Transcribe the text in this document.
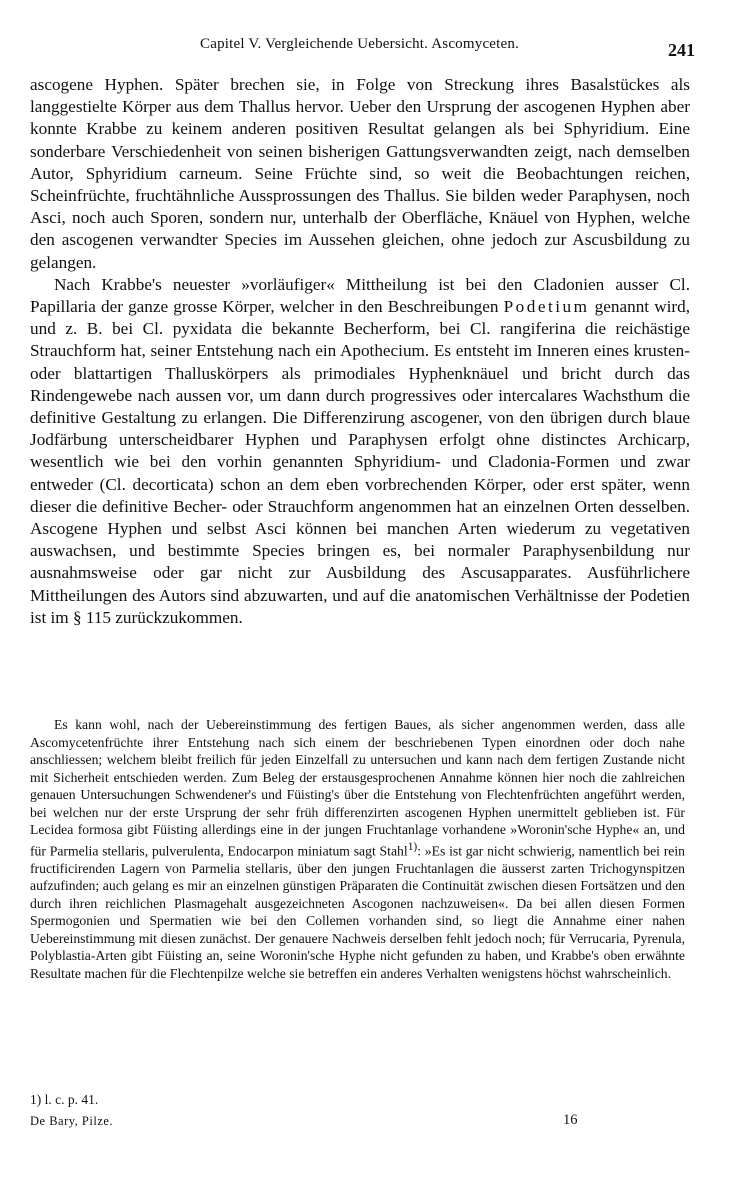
Capitel V. Vergleichende Uebersicht. Ascomyceten.	241

ascogene Hyphen. Später brechen sie, in Folge von Streckung ihres Basalstückes als langgestielte Körper aus dem Thallus hervor. Ueber den Ursprung der ascogenen Hyphen aber konnte Krabbe zu keinem anderen positiven Resultat gelangen als bei Sphyridium. Eine sonderbare Verschiedenheit von seinen bisherigen Gattungsverwandten zeigt, nach demselben Autor, Sphyridium carneum. Seine Früchte sind, so weit die Beobachtungen reichen, Scheinfrüchte, fruchtähnliche Aussprossungen des Thallus. Sie bilden weder Paraphysen, noch Asci, noch auch Sporen, sondern nur, unterhalb der Oberfläche, Knäuel von Hyphen, welche den ascogenen verwandter Species im Aussehen gleichen, ohne jedoch zur Ascusbildung zu gelangen.

Nach Krabbe's neuester »vorläufiger« Mittheilung ist bei den Cladonien ausser Cl. Papillaria der ganze grosse Körper, welcher in den Beschreibungen Podetium genannt wird, und z. B. bei Cl. pyxidata die bekannte Becherform, bei Cl. rangiferina die reichästige Strauchform hat, seiner Entstehung nach ein Apothecium. Es entsteht im Inneren eines krusten- oder blattartigen Thalluskörpers als primodiales Hyphenknäuel und bricht durch das Rindengewebe nach aussen vor, um dann durch progressives oder intercalares Wachsthum die definitive Gestaltung zu erlangen. Die Differenzirung ascogener, von den übrigen durch blaue Jodfärbung unterscheidbarer Hyphen und Paraphysen erfolgt ohne distinctes Archicarp, wesentlich wie bei den vorhin genannten Sphyridium- und Cladonia-Formen und zwar entweder (Cl. decorticata) schon an dem eben vorbrechenden Körper, oder erst später, wenn dieser die definitive Becher- oder Strauchform angenommen hat an einzelnen Orten desselben. Ascogene Hyphen und selbst Asci können bei manchen Arten wiederum zu vegetativen auswachsen, und bestimmte Species bringen es, bei normaler Paraphysenbildung nur ausnahmsweise oder gar nicht zur Ausbildung des Ascusapparates. Ausführlichere Mittheilungen des Autors sind abzuwarten, und auf die anatomischen Verhältnisse der Podetien ist im § 115 zurückzukommen.

Es kann wohl, nach der Uebereinstimmung des fertigen Baues, als sicher angenommen werden, dass alle Ascomycetenfrüchte ihrer Entstehung nach sich einem der beschriebenen Typen einordnen oder doch nahe anschliessen; welchem bleibt freilich für jeden Einzelfall zu untersuchen und kann nach dem fertigen Zustande nicht mit Sicherheit entschieden werden. Zum Beleg der erstausgesprochenen Annahme können hier noch die zahlreichen genauen Untersuchungen Schwendener's und Füisting's über die Entstehung von Flechtenfrüchten angeführt werden, bei welchen nur der erste Ursprung der sehr früh differenzirten ascogenen Hyphen unermittelt geblieben ist. Für Lecidea formosa gibt Füisting allerdings eine in der jungen Fruchtanlage vorhandene »Woronin'sche Hyphe« an, und für Parmelia stellaris, pulverulenta, Endocarpon miniatum sagt Stahl$^{1)}$: »Es ist gar nicht schwierig, namentlich bei rein fructificirenden Lagern von Parmelia stellaris, über den jungen Fruchtanlagen die äusserst zarten Trichogynspitzen aufzufinden; auch gelang es mir an einzelnen günstigen Präparaten die Continuität zwischen diesen Fortsätzen und den durch ihren reichlichen Plasmagehalt ausgezeichneten Ascogonen nachzuweisen«. Da bei allen diesen Formen Spermogonien und Spermatien wie bei den Collemen vorhanden sind, so liegt die Annahme einer nahen Uebereinstimmung mit diesen zunächst. Der genauere Nachweis derselben fehlt jedoch noch; für Verrucaria, Pyrenula, Polyblastia-Arten gibt Füisting an, seine Woronin'sche Hyphe nicht gefunden zu haben, und Krabbe's oben erwähnte Resultate machen für die Flechtenpilze welche sie betreffen ein anderes Verhalten wenigstens höchst wahrscheinlich.

1) l. c. p. 41.
De Bary, Pilze.	16
